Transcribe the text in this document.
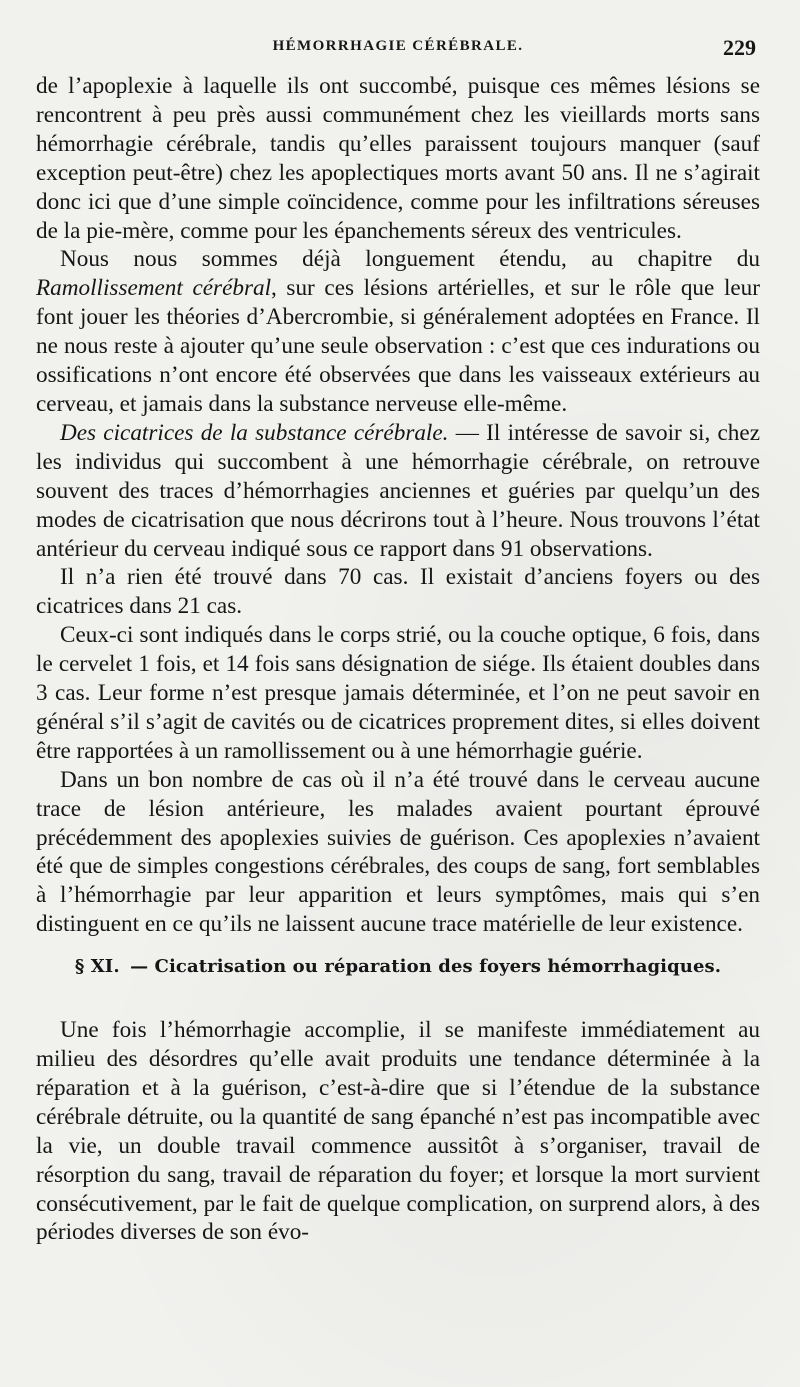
HÉMORRHAGIE CÉRÉBRALE.	229

de l’apoplexie à laquelle ils ont succombé, puisque ces mêmes lésions se rencontrent à peu près aussi communément chez les vieillards morts sans hémorrhagie cérébrale, tandis qu’elles paraissent toujours manquer (sauf exception peut-être) chez les apoplectiques morts avant 50 ans. Il ne s’agirait donc ici que d’une simple coïncidence, comme pour les infiltrations séreuses de la pie-mère, comme pour les épanchements séreux des ventricules.

Nous nous sommes déjà longuement étendu, au chapitre du Ramollissement cérébral, sur ces lésions artérielles, et sur le rôle que leur font jouer les théories d’Abercrombie, si généralement adoptées en France. Il ne nous reste à ajouter qu’une seule observation : c’est que ces indurations ou ossifications n’ont encore été observées que dans les vaisseaux extérieurs au cerveau, et jamais dans la substance nerveuse elle-même.

Des cicatrices de la substance cérébrale. — Il intéresse de savoir si, chez les individus qui succombent à une hémorrhagie cérébrale, on retrouve souvent des traces d’hémorrhagies anciennes et guéries par quelqu’un des modes de cicatrisation que nous décrirons tout à l’heure. Nous trouvons l’état antérieur du cerveau indiqué sous ce rapport dans 91 observations.

Il n’a rien été trouvé dans 70 cas. Il existait d’anciens foyers ou des cicatrices dans 21 cas.

Ceux-ci sont indiqués dans le corps strié, ou la couche optique, 6 fois, dans le cervelet 1 fois, et 14 fois sans désignation de siége. Ils étaient doubles dans 3 cas. Leur forme n’est presque jamais déterminée, et l’on ne peut savoir en général s’il s’agit de cavités ou de cicatrices proprement dites, si elles doivent être rapportées à un ramollissement ou à une hémorrhagie guérie.

Dans un bon nombre de cas où il n’a été trouvé dans le cerveau aucune trace de lésion antérieure, les malades avaient pourtant éprouvé précédemment des apoplexies suivies de guérison. Ces apoplexies n’avaient été que de simples congestions cérébrales, des coups de sang, fort semblables à l’hémorrhagie par leur apparition et leurs symptômes, mais qui s’en distinguent en ce qu’ils ne laissent aucune trace matérielle de leur existence.

§ XI. — Cicatrisation ou réparation des foyers hémorrhagiques.

Une fois l’hémorrhagie accomplie, il se manifeste immédiatement au milieu des désordres qu’elle avait produits une tendance déterminée à la réparation et à la guérison, c’est-à-dire que si l’étendue de la substance cérébrale détruite, ou la quantité de sang épanché n’est pas incompatible avec la vie, un double travail commence aussitôt à s’organiser, travail de résorption du sang, travail de réparation du foyer; et lorsque la mort survient consécutivement, par le fait de quelque complication, on surprend alors, à des périodes diverses de son évo-
